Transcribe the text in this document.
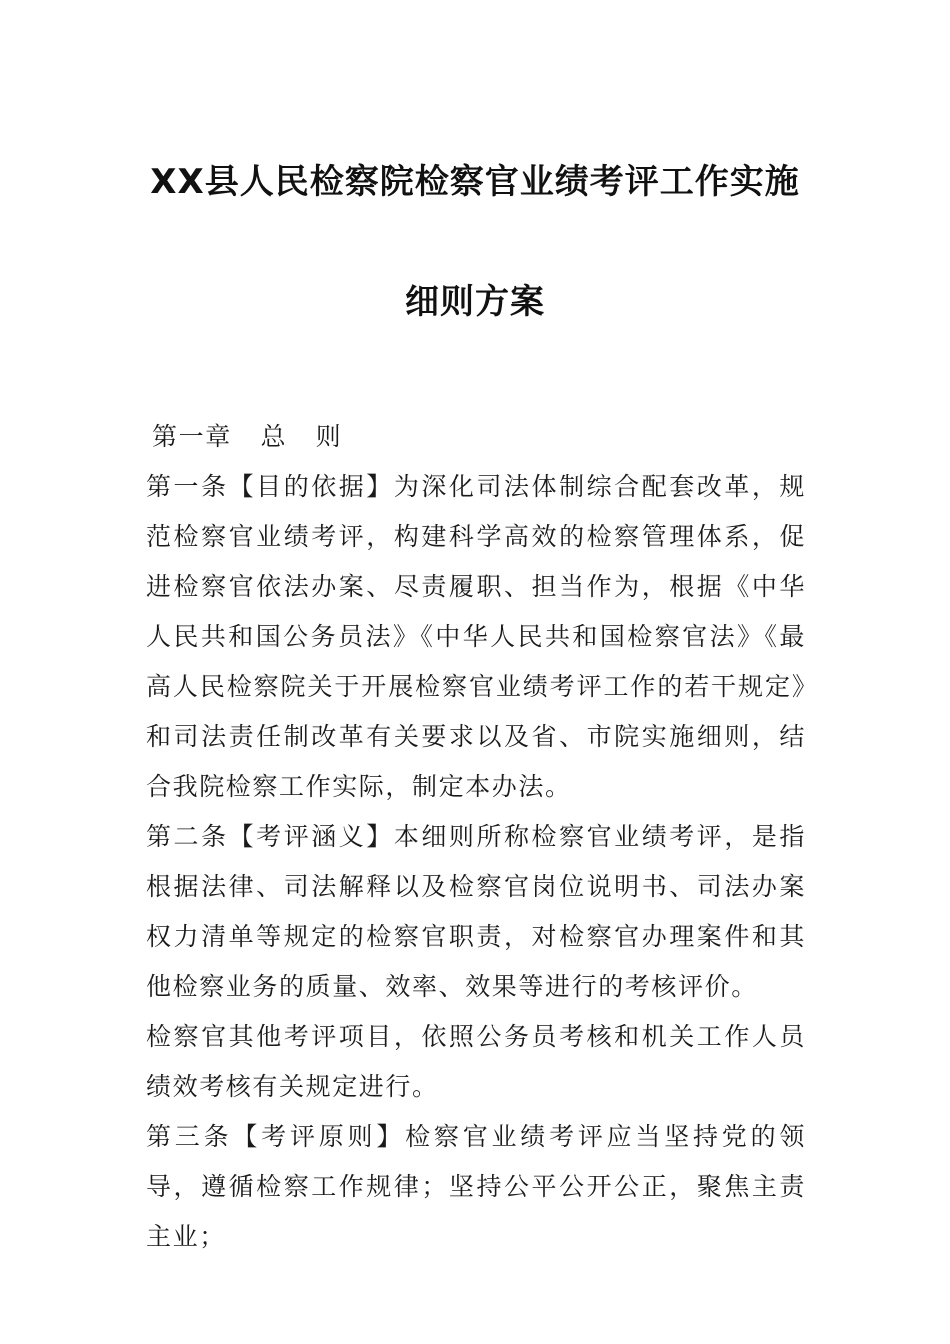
XX县人民检察院检察官业绩考评工作实施
细则方案

第一章   总   则

第一条【目的依据】为深化司法体制综合配套改革，规范检察官业绩考评，构建科学高效的检察管理体系，促进检察官依法办案、尽责履职、担当作为，根据《中华人民共和国公务员法》《中华人民共和国检察官法》《最高人民检察院关于开展检察官业绩考评工作的若干规定》和司法责任制改革有关要求以及省、市院实施细则，结合我院检察工作实际，制定本办法。

第二条【考评涵义】本细则所称检察官业绩考评，是指根据法律、司法解释以及检察官岗位说明书、司法办案权力清单等规定的检察官职责，对检察官办理案件和其他检察业务的质量、效率、效果等进行的考核评价。

检察官其他考评项目，依照公务员考核和机关工作人员绩效考核有关规定进行。

第三条【考评原则】检察官业绩考评应当坚持党的领导，遵循检察工作规律；坚持公平公开公正，聚焦主责主业；
